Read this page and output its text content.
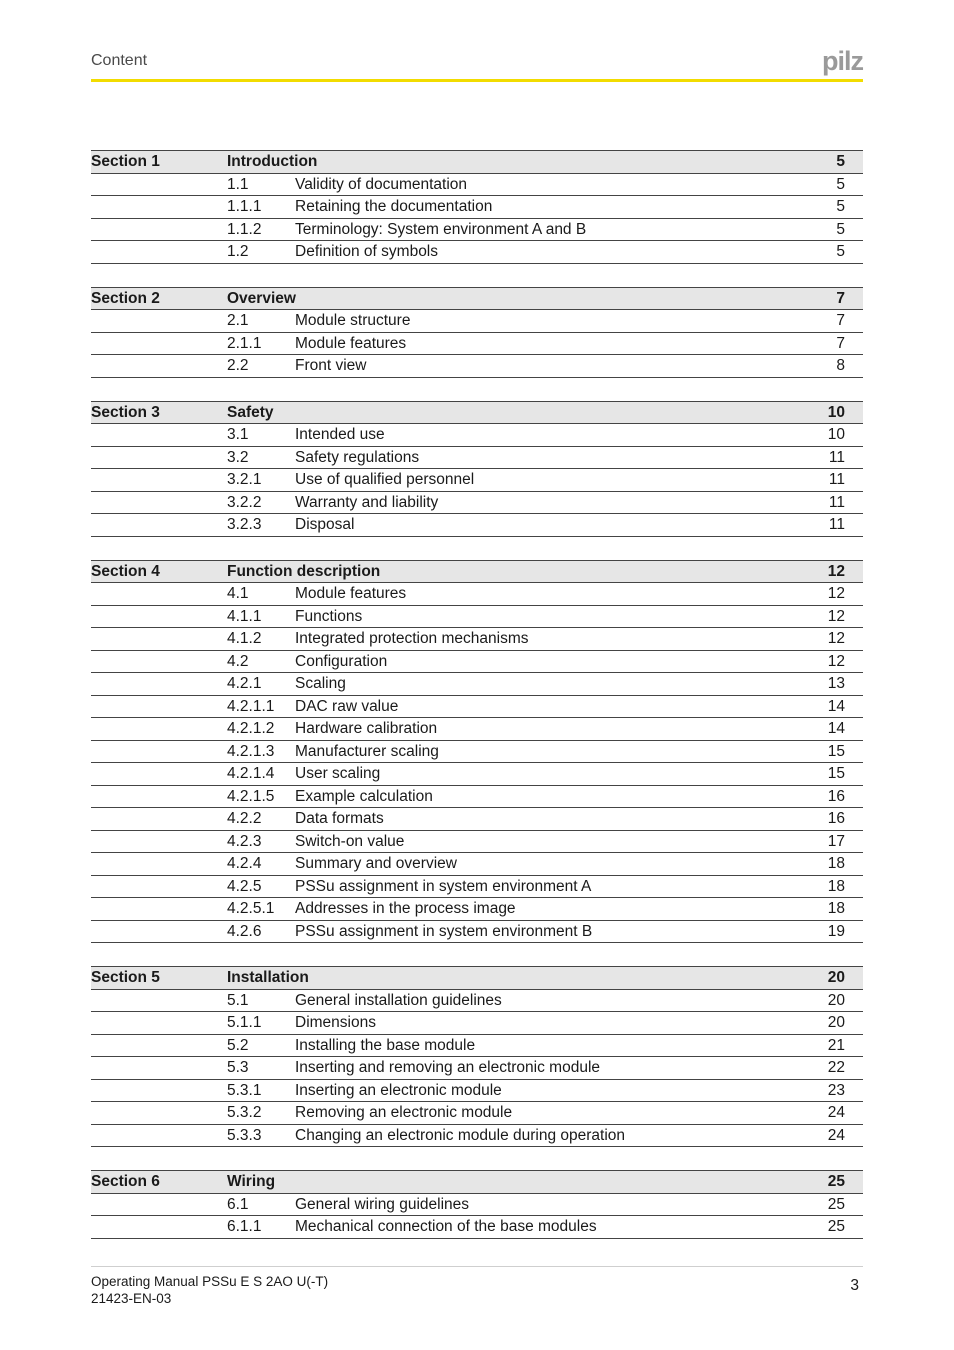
Content	pilz
Section 1	Introduction	5
1.1	Validity of documentation	5
1.1.1 Retaining the documentation	5
1.1.2 Terminology: System environment A and B	5
1.2	Definition of symbols	5
Section 2	Overview	7
2.1	Module structure	7
2.1.1 Module features	7
2.2	Front view	8
Section 3	Safety	10
3.1	Intended use	10
3.2	Safety regulations	11
3.2.1 Use of qualified personnel	11
3.2.2 Warranty and liability	11
3.2.3 Disposal	11
Section 4	Function description	12
4.1	Module features	12
4.1.1 Functions	12
4.1.2 Integrated protection mechanisms	12
4.2	Configuration	12
4.2.1 Scaling	13
4.2.1.1 DAC raw value	14
4.2.1.2 Hardware calibration	14
4.2.1.3 Manufacturer scaling	15
4.2.1.4 User scaling	15
4.2.1.5 Example calculation	16
4.2.2 Data formats	16
4.2.3 Switch-on value	17
4.2.4 Summary and overview	18
4.2.5 PSSu assignment in system environment A	18
4.2.5.1 Addresses in the process image	18
4.2.6 PSSu assignment in system environment B	19
Section 5	Installation	20
5.1	General installation guidelines	20
5.1.1 Dimensions	20
5.2	Installing the base module	21
5.3	Inserting and removing an electronic module	22
5.3.1 Inserting an electronic module	23
5.3.2 Removing an electronic module	24
5.3.3 Changing an electronic module during operation	24
Section 6	Wiring	25
6.1	General wiring guidelines	25
6.1.1 Mechanical connection of the base modules	25
Operating Manual PSSu E S 2AO U(-T)
21423-EN-03
3
